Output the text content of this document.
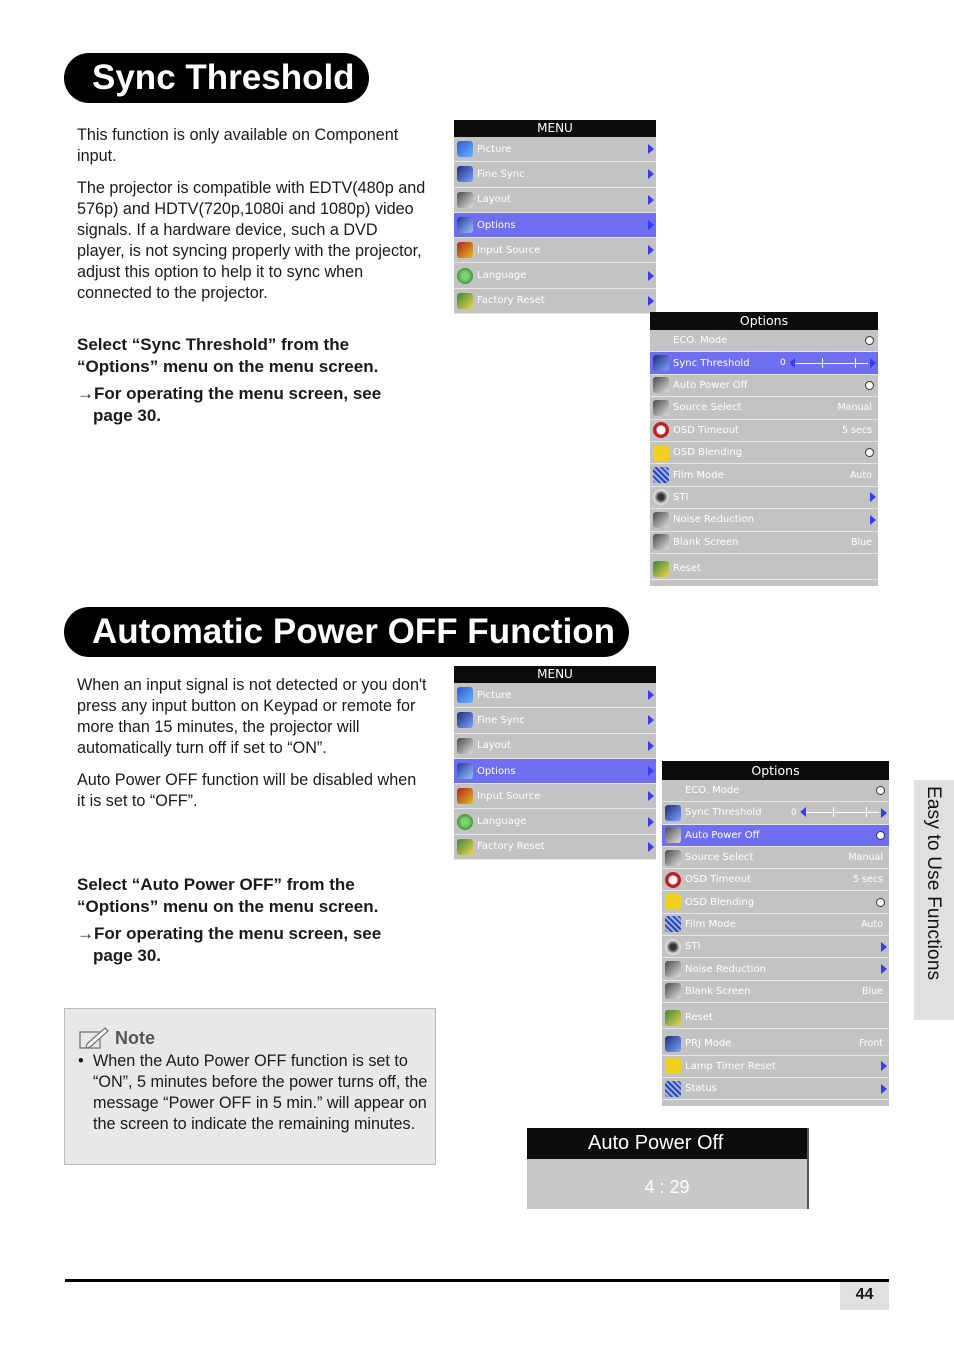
Sync Threshold

This function is only available on Component input.

The projector is compatible with EDTV(480p and 576p) and HDTV(720p,1080i and 1080p) video signals. If a hardware device, such a DVD player, is not syncing properly with the projector, adjust this option to help it to sync when connected to the projector.

Select “Sync Threshold” from the “Options” menu on the menu screen.
→For operating the menu screen, see
page 30.
MENU
Picture
Fine Sync
Layout
Options
Input Source
Language
Factory Reset
Options
ECO. Mode
Sync Threshold	0
Auto Power Off
Source Select	Manual
OSD Timeout	5 secs
OSD Blending
Film Mode	Auto
STI
Noise Reduction
Blank Screen	Blue
Reset
Automatic Power OFF Function

When an input signal is not detected or you don't press any input button on Keypad or remote for more than 15 minutes, the projector will automatically turn off if set to “ON”.

Auto Power OFF function will be disabled when it is set to “OFF”.

Select “Auto Power OFF” from the “Options” menu on the menu screen.
→For operating the menu screen, see
page 30.
MENU
Picture
Fine Sync
Layout
Options
Input Source
Language
Factory Reset
Options
ECO. Mode
Sync Threshold	0
Auto Power Off
Source Select	Manual
OSD Timeout	5 secs
OSD Blending
Film Mode	Auto
STI
Noise Reduction
Blank Screen	Blue
Reset
PRJ Mode	Front
Lamp Timer Reset
Status
Easy to Use Functions
Note
• When the Auto Power OFF function is set to “ON”, 5 minutes before the power turns off, the message “Power OFF in 5 min.” will appear on the screen to indicate the remaining minutes.
Auto Power Off
4 : 29
44
